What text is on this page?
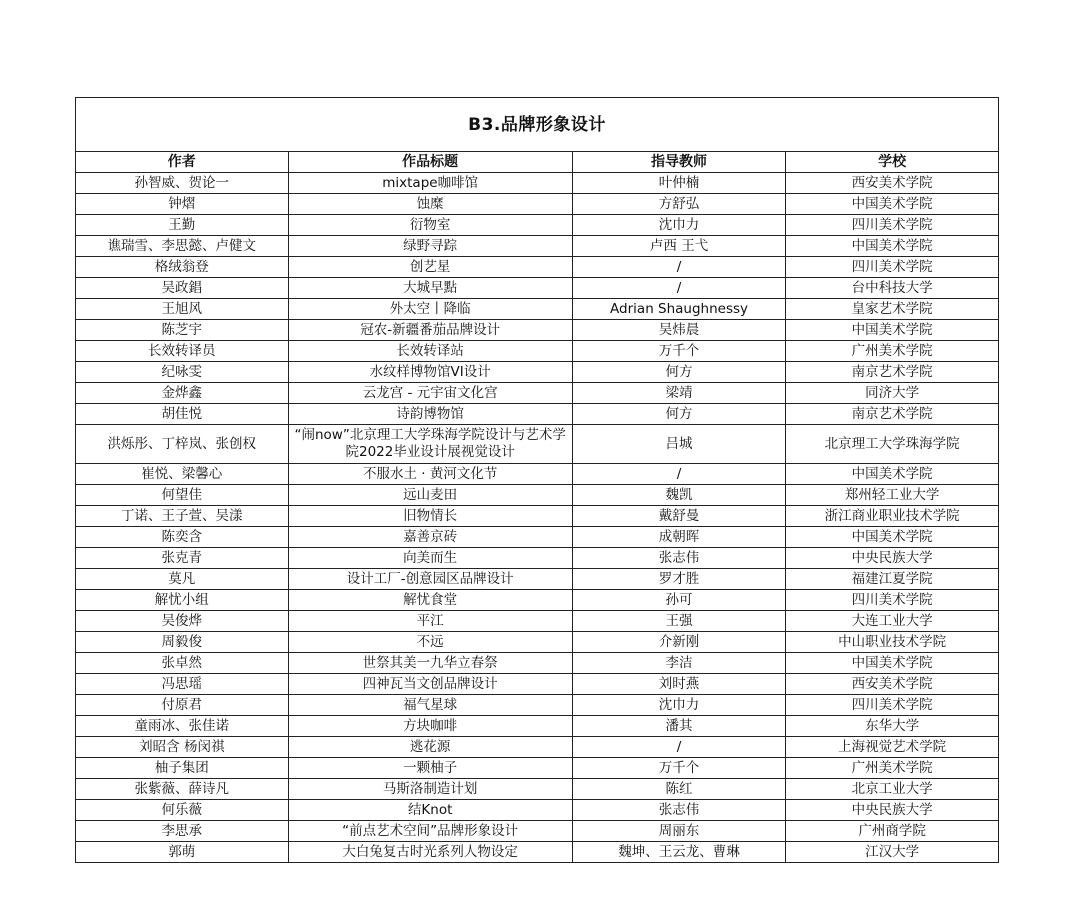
B3.品牌形象设计			
作者	作品标题	指导教师	学校
孙智威、贺论一	mixtape咖啡馆	叶仲楠	西安美术学院
钟熠	蚀糜	方舒弘	中国美术学院
王勤	衍物室	沈巾力	四川美术学院
谯瑞雪、李思懿、卢健文	绿野寻踪	卢西 王弋	中国美术学院
格绒翁登	创艺星	/	四川美术学院
吴政錩	大城早點	/	台中科技大学
王旭风	外太空丨降临	Adrian Shaughnessy	皇家艺术学院
陈芝宇	冠农-新疆番茄品牌设计	吴炜晨	中国美术学院
长效转译员	长效转译站	万千个	广州美术学院
纪咏雯	水纹样博物馆VI设计	何方	南京艺术学院
金烨鑫	云龙宫 - 元宇宙文化宫	梁靖	同济大学
胡佳悦	诗韵博物馆	何方	南京艺术学院
洪烁彤、丁梓岚、张创权	“闹now”北京理工大学珠海学院设计与艺术学院2022毕业设计展视觉设计	吕城	北京理工大学珠海学院
崔悦、梁馨心	不服水土 · 黄河文化节	/	中国美术学院
何望佳	远山麦田	魏凯	郑州轻工业大学
丁诺、王子萱、吴漾	旧物情长	戴舒曼	浙江商业职业技术学院
陈奕含	嘉善京砖	成朝晖	中国美术学院
张克青	向美而生	张志伟	中央民族大学
莫凡	设计工厂-创意园区品牌设计	罗才胜	福建江夏学院
解忧小组	解忧食堂	孙可	四川美术学院
吴俊烨	平江	王强	大连工业大学
周毅俊	不远	介新刚	中山职业技术学院
张卓然	世祭其美一九华立春祭	李洁	中国美术学院
冯思瑶	四神瓦当文创品牌设计	刘时燕	西安美术学院
付原君	福气星球	沈巾力	四川美术学院
童雨冰、张佳诺	方块咖啡	潘其	东华大学
刘昭含 杨闵祺	逃花源	/	上海视觉艺术学院
柚子集团	一颗柚子	万千个	广州美术学院
张紫薇、薛诗凡	马斯洛制造计划	陈红	北京工业大学
何乐薇	结Knot	张志伟	中央民族大学
李思承	“前点艺术空间”品牌形象设计	周丽东	广州商学院
郭萌	大白兔复古时光系列人物设定	魏坤、王云龙、曹琳	江汉大学
